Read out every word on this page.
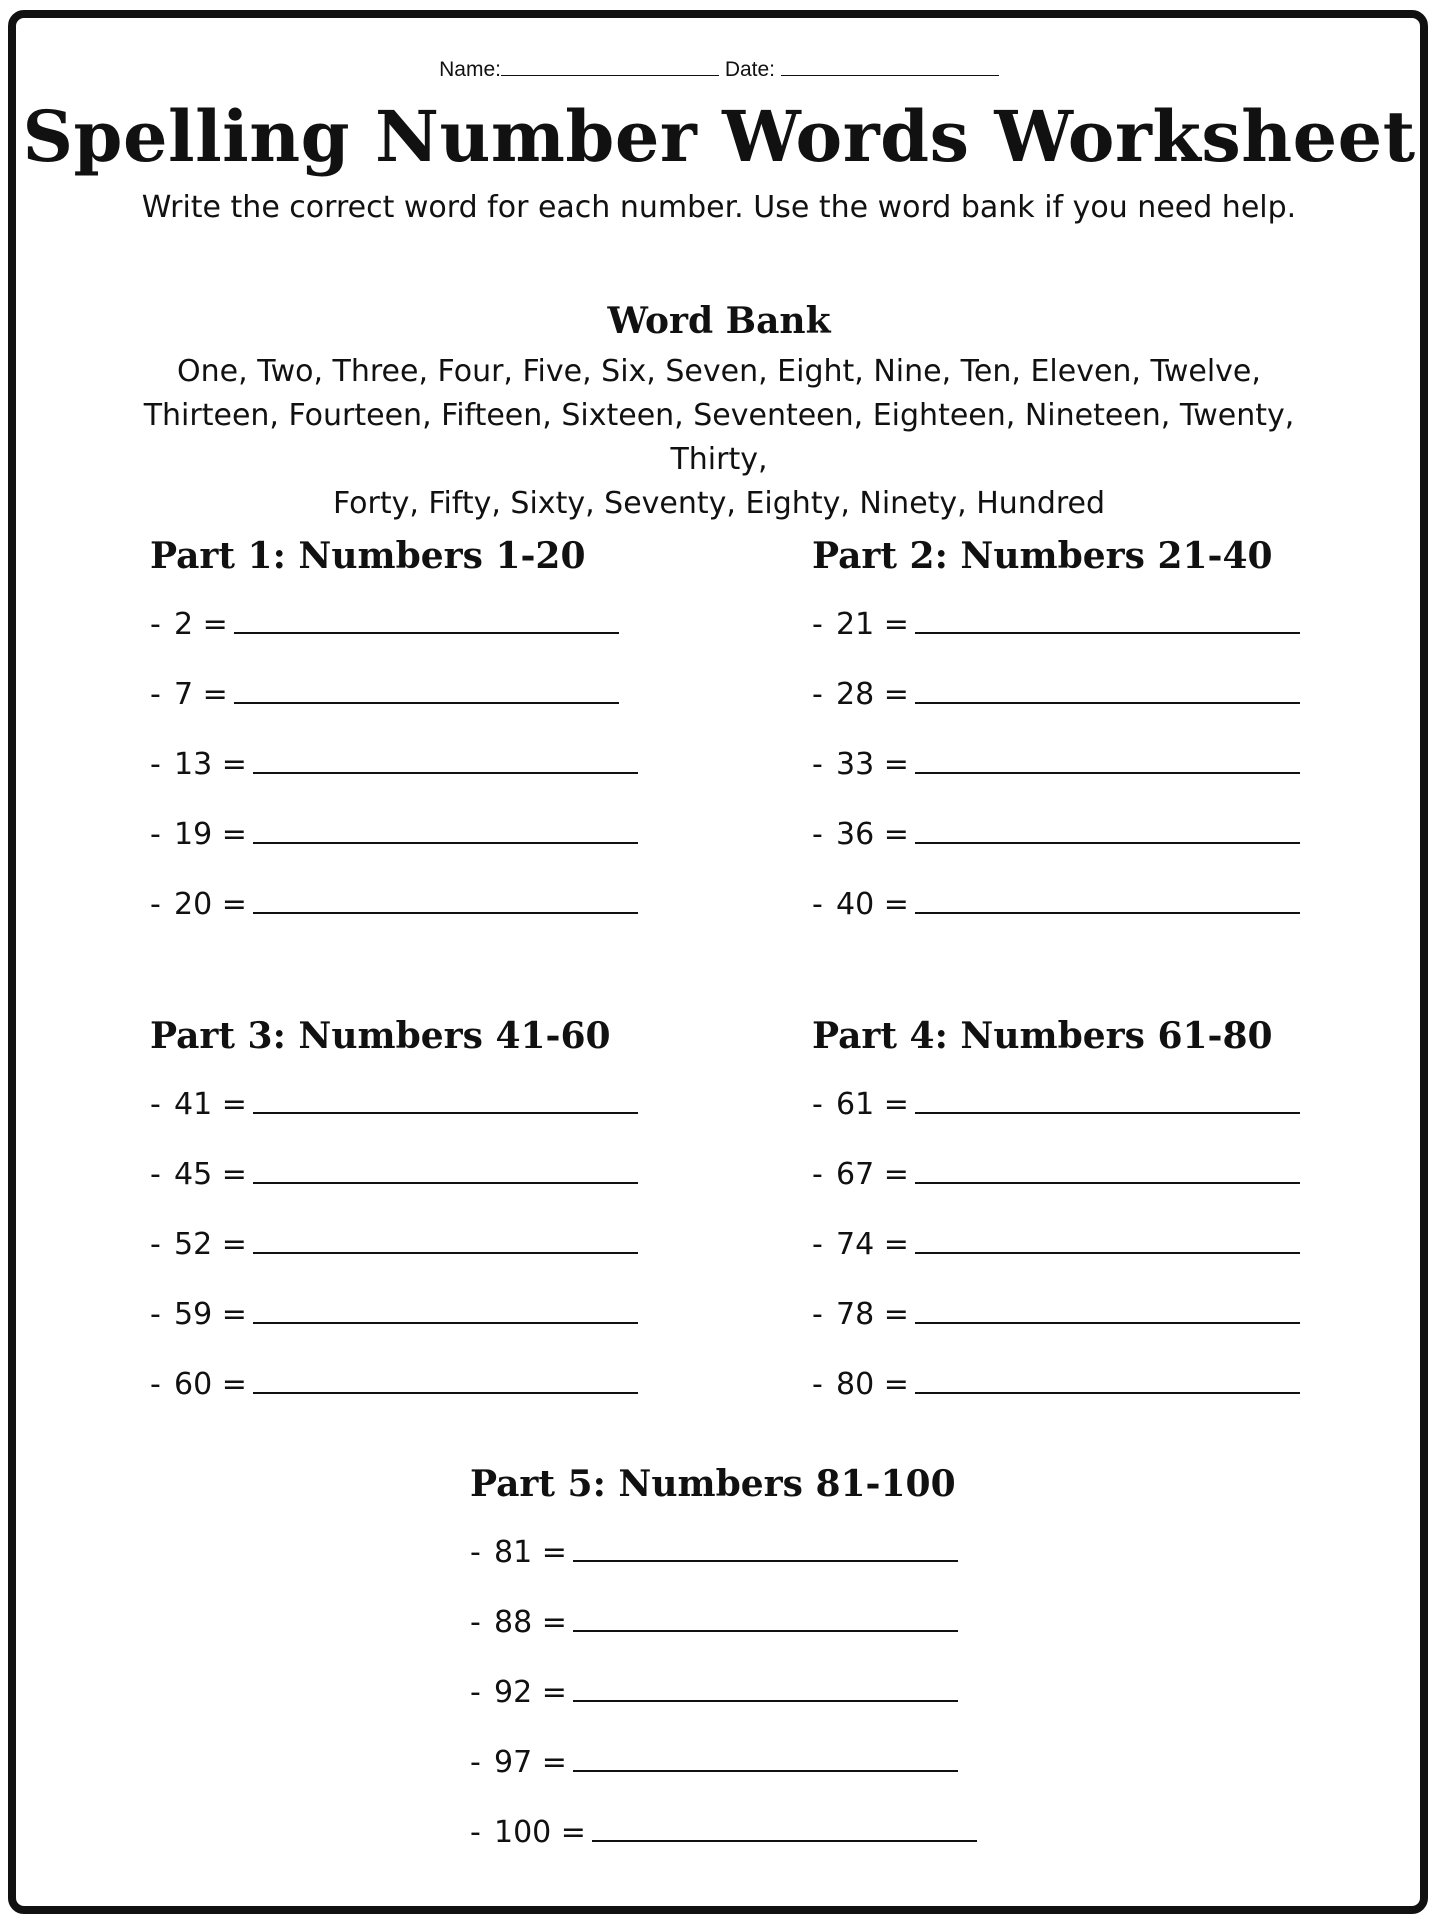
Name:	Date:
Spelling Number Words Worksheet
Write the correct word for each number. Use the word bank if you need help.
Word Bank
One, Two, Three, Four, Five, Six, Seven, Eight, Nine, Ten, Eleven, Twelve,
Thirteen, Fourteen, Fifteen, Sixteen, Seventeen, Eighteen, Nineteen, Twenty, Thirty,
Forty, Fifty, Sixty, Seventy, Eighty, Ninety, Hundred
Part 1: Numbers 1-20
- 2 =
- 7 =
- 13 =
- 19 =
- 20 =
Part 2: Numbers 21-40
- 21 =
- 28 =
- 33 =
- 36 =
- 40 =
Part 3: Numbers 41-60
- 41 =
- 45 =
- 52 =
- 59 =
- 60 =
Part 4: Numbers 61-80
- 61 =
- 67 =
- 74 =
- 78 =
- 80 =
Part 5: Numbers 81-100
- 81 =
- 88 =
- 92 =
- 97 =
- 100 =
